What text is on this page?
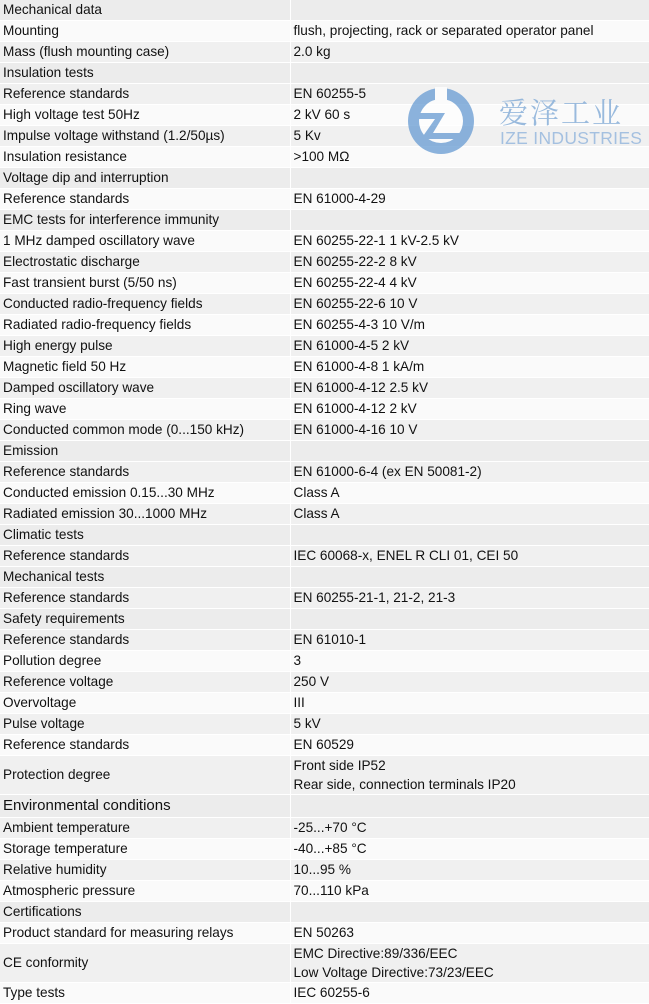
Mechanical data	
Mounting	flush, projecting, rack or separated operator panel
Mass (flush mounting case)	2.0 kg
Insulation tests	
Reference standards	EN 60255-5
High voltage test 50Hz	2 kV 60 s
Impulse voltage withstand (1.2/50µs)	5 Kv
Insulation resistance	>100 MΩ
Voltage dip and interruption	
Reference standards	EN 61000-4-29
EMC tests for interference immunity	
1 MHz damped oscillatory wave	EN 60255-22-1 1 kV-2.5 kV
Electrostatic discharge	EN 60255-22-2 8 kV
Fast transient burst (5/50 ns)	EN 60255-22-4 4 kV
Conducted radio-frequency fields	EN 60255-22-6 10 V
Radiated radio-frequency fields	EN 60255-4-3 10 V/m
High energy pulse	EN 61000-4-5 2 kV
Magnetic field 50 Hz	EN 61000-4-8 1 kA/m
Damped oscillatory wave	EN 61000-4-12 2.5 kV
Ring wave	EN 61000-4-12 2 kV
Conducted common mode (0...150 kHz)	EN 61000-4-16 10 V
Emission	
Reference standards	EN 61000-6-4 (ex EN 50081-2)
Conducted emission 0.15...30 MHz	Class A
Radiated emission 30...1000 MHz	Class A
Climatic tests	
Reference standards	IEC 60068-x, ENEL R CLI 01, CEI 50
Mechanical tests	
Reference standards	EN 60255-21-1, 21-2, 21-3
Safety requirements	
Reference standards	EN 61010-1
Pollution degree	3
Reference voltage	250 V
Overvoltage	III
Pulse voltage	5 kV
Reference standards	EN 60529
Protection degree	Front side IP52
Rear side, connection terminals IP20

Environmental conditions	
Ambient temperature	-25...+70 °C
Storage temperature	-40...+85 °C
Relative humidity	10...95 %
Atmospheric pressure	70...110 kPa
Certifications	
Product standard for measuring relays	EN 50263
CE conformity	EMC Directive:89/336/EEC
Low Voltage Directive:73/23/EEC

Type tests	IEC 60255-6
爱泽工业
IZE INDUSTRIES
